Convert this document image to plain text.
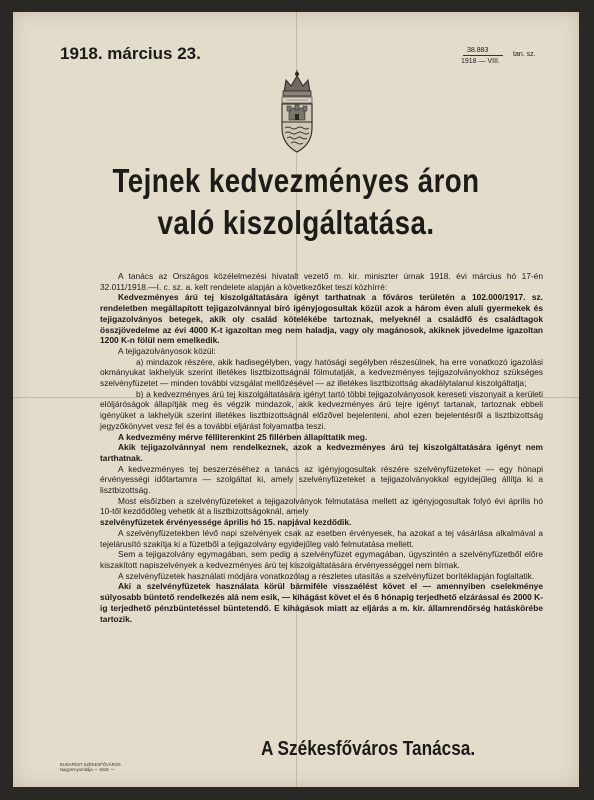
1918. március 23.	38.883
1918 — VIII.
tan. sz.
Tejnek kedvezményes áron
való kiszolgáltatása.

A tanács az Országos közélelmezési hivatalt vezető m. kir. miniszter úrnak 1918. évi március hó 17-én 32.011/1918.—I. c. sz. a. kelt rendelete alapján a következőket teszi közhírré:

Kedvezményes árú tej kiszolgáltatására igényt tarthatnak a főváros területén a 102.000/1917. sz. rendeletben megállapított tejigazolvánnyal bíró igényjogosultak közül azok a három éven aluli gyermekek és tejigazolványos betegek, akik oly család kötelékébe tartoznak, melyeknél a családfő és családtagok összjövedelme az évi 4000 K-t igazoltan meg nem haladja, vagy oly magánosok, akiknek jövedelme igazoltan 1200 K-n fölül nem emelkedik.

A tejigazolványosok közül:

a) mindazok részére, akik hadisegélyben, vagy hatósági segélyben részesülnek, ha erre vonatkozó igazolási okmányukat lakhelyük szerint illetékes lisztbizottságnál fölmutatják, a kedvezményes tejigazolványokhoz szükséges szelvényfüzetet — minden további vizsgálat mellőzésével — az illetékes lisztbizottság akadálytalanul kiszolgáltatja;

b) a kedvezményes árú tej kiszolgáltatására igényt tartó többi tejigazolványosok kereseti viszonyait a kerületi elöljáróságok állapítják meg és végzik mindazok, akik kedvezményes árú tejre igényt tartanak, tartoznak ebbeli igényüket a lakhelyük szerint illetékes lisztbizottságnál előzővel bejelenteni, ahol ezen bejelentésről a lisztbizottság jegyzőkönyvet vesz fel és a további eljárást folyamatba teszi.

A kedvezmény mérve félliterenkint 25 fillérben állapíttatik meg.

Akik tejigazolvánnyal nem rendelkeznek, azok a kedvezményes árú tej kiszolgáltatására igényt nem tarthatnak.

A kedvezményes tej beszerzéséhez a tanács az igényjogosultak részére szelvényfüzeteket — egy hónapi érvényességi időtartamra — szolgáltat ki, amely szelvényfüzeteket a tejigazolványokkal egyidejűleg állítja ki a lisztbizottság.

Most elsőízben a szelvényfüzeteket a tejigazolványok felmutatása mellett az igényjogosultak folyó évi április hó 10-től kezdődőleg vehetik át a lisztbizottságoknál, amely

szelvényfüzetek érvényessége április hó 15. napjával kezdődik.

A szelvényfüzetekben lévő napi szelvények csak az esetben érvényesek, ha azokat a tej vásárlása alkalmával a tejelárusító szakítja ki a füzetből a tejigazolvány egyidejűleg való felmutatása mellett.

Sem a tejigazolvány egymagában, sem pedig a szelvényfüzet egymagában, úgyszintén a szelvényfüzetből előre kiszakított napiszelvények a kedvezményes árú tej kiszolgáltatására érvényességgel nem bírnak.

A szelvényfüzetek használati módjára vonatkozólag a részletes utasítás a szelvényfüzet borítéklapján foglaltatik.

Aki a szelvényfüzetek használata körül bármiféle visszaélést követ el — amennyiben cselekménye súlyosabb büntető rendelkezés alá nem esik, — kihágást követ el és 6 hónapig terjedhető elzárással és 2000 K-ig terjedhető pénzbüntetéssel büntetendő. E kihágások miatt az eljárás a m. kir. államrendőrség hatáskörébe tartozik.

A Székesfőváros Tanácsa.
BUDAPEST SZÉKESFŐVÁROS
Nagyonnyomdája — 1918. —
